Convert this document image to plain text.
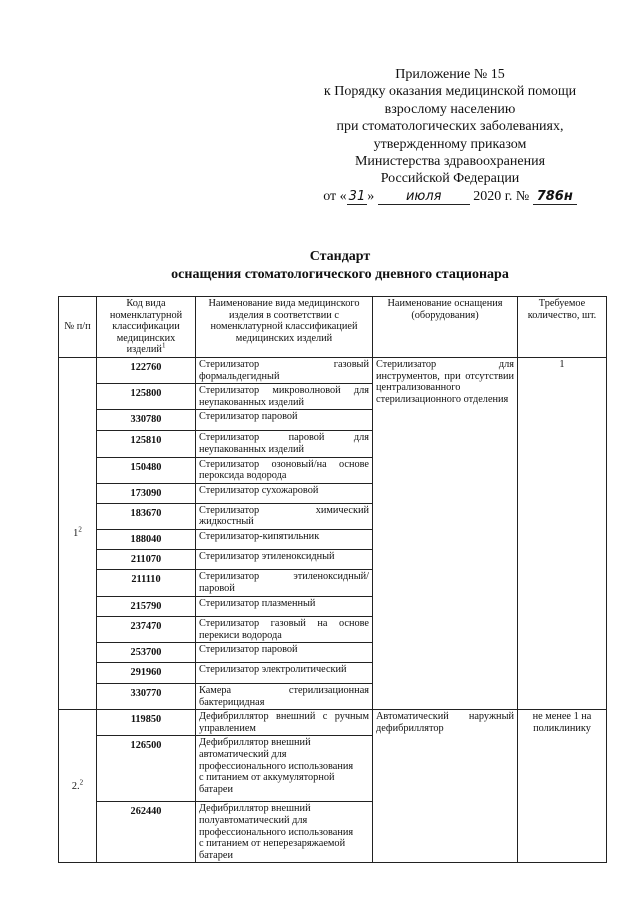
Приложение № 15
к Порядку оказания медицинской помощи
взрослому населению
при стоматологических заболеваниях,
утвержденному приказом
Министерства здравоохранения
Российской Федерации
от « 31 » июля 2020 г. № 786н
Стандарт
оснащения стоматологического дневного стационара
№ п/п	Код вида номенклатурной классификации медицинских изделий$^1$	Наименование вида медицинского изделия в соответствии с номенклатурной классификацией медицинских изделий	Наименование оснащения (оборудования)	Требуемое количество, шт.
$1^2$	122760	Стерилизатор газовый формальдегидный	Стерилизатор для инструментов, при отсутствии централизованного стерилизационного отделения	1
	125800	Стерилизатор микроволновой для неупакованных изделий		
	330780	Стерилизатор паровой		
	125810	Стерилизатор паровой для неупакованных изделий		
	150480	Стерилизатор озоновый/на основе пероксида водорода		
	173090	Стерилизатор сухожаровой		
	183670	Стерилизатор химический жидкостный		
	188040	Стерилизатор-кипятильник		
	211070	Стерилизатор этиленоксидный		
	211110	Стерилизатор этиленоксидный/паровой		
	215790	Стерилизатор плазменный		
	237470	Стерилизатор газовый на основе перекиси водорода		
	253700	Стерилизатор паровой		
	291960	Стерилизатор электролитический		
	330770	Камера стерилизационная бактерицидная		
2.$^2$	119850	Дефибриллятор внешний с ручным управлением	Автоматический наружный дефибриллятор	не менее 1 на поликлинику
	126500	Дефибриллятор внешний
автоматический для
профессионального использования
с питанием от аккумуляторной
батареи		
	262440	Дефибриллятор внешний
полуавтоматический для
профессионального использования
с питанием от неперезаряжаемой
батареи		
